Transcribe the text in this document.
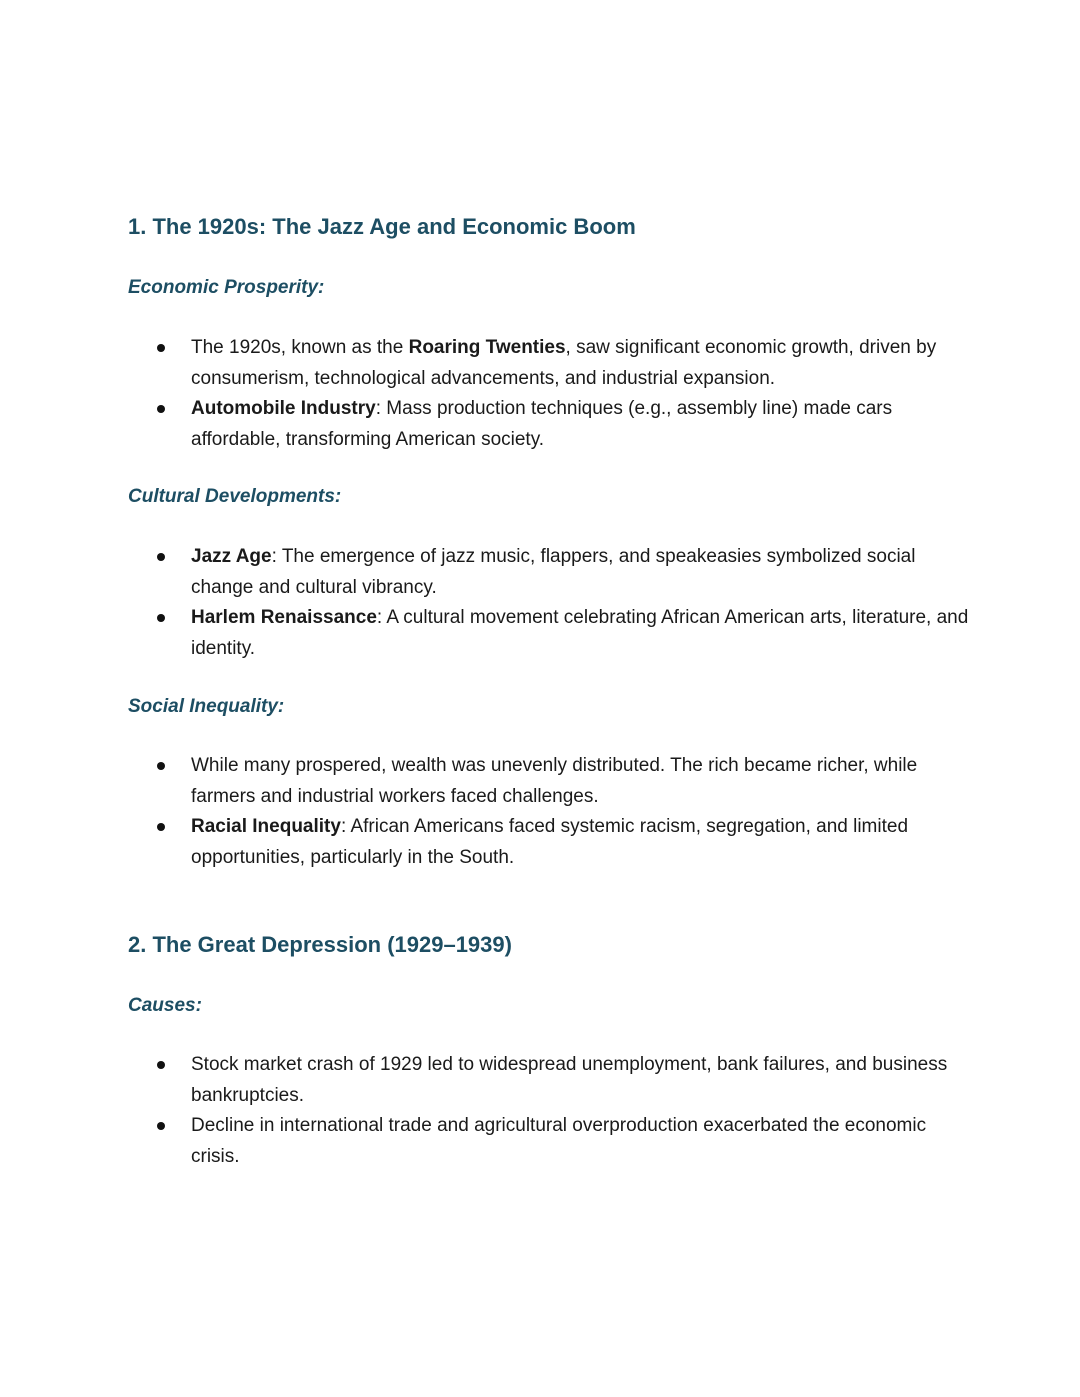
1. The 1920s: The Jazz Age and Economic Boom
Economic Prosperity:
The 1920s, known as the Roaring Twenties, saw significant economic growth, driven by consumerism, technological advancements, and industrial expansion.
Automobile Industry: Mass production techniques (e.g., assembly line) made cars affordable, transforming American society.
Cultural Developments:
Jazz Age: The emergence of jazz music, flappers, and speakeasies symbolized social change and cultural vibrancy.
Harlem Renaissance: A cultural movement celebrating African American arts, literature, and identity.
Social Inequality:
While many prospered, wealth was unevenly distributed. The rich became richer, while farmers and industrial workers faced challenges.
Racial Inequality: African Americans faced systemic racism, segregation, and limited opportunities, particularly in the South.
2. The Great Depression (1929–1939)
Causes:
Stock market crash of 1929 led to widespread unemployment, bank failures, and business bankruptcies.
Decline in international trade and agricultural overproduction exacerbated the economic crisis.
